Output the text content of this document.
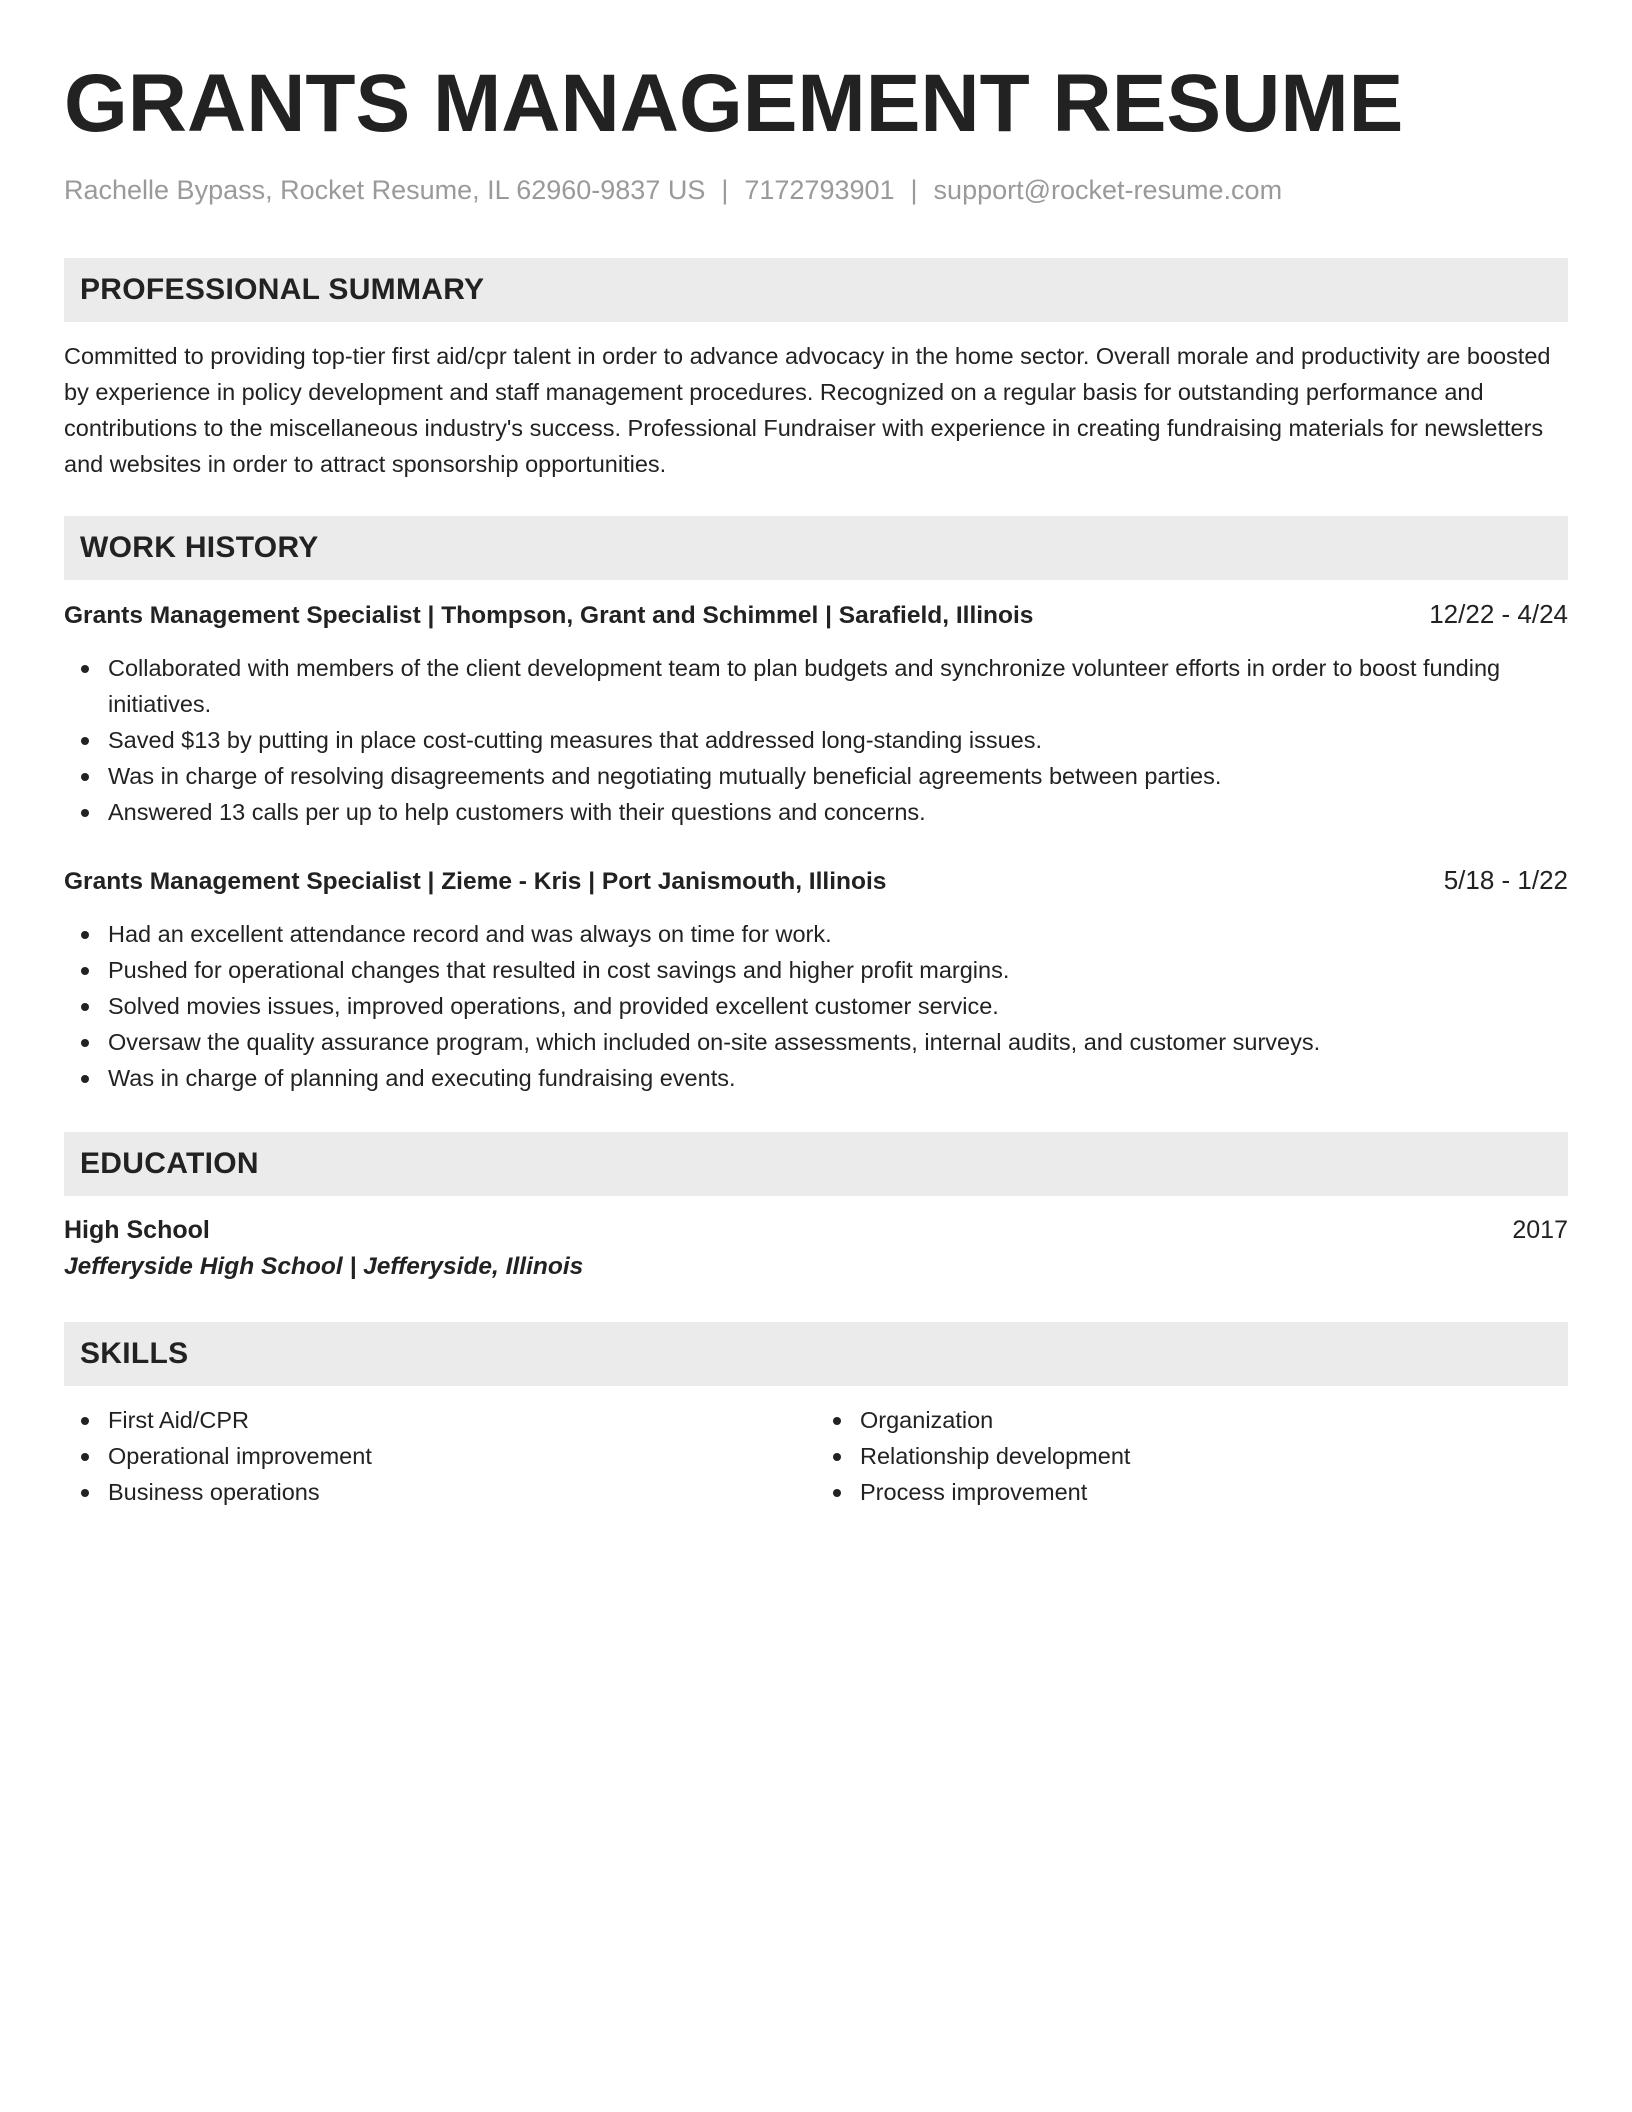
GRANTS MANAGEMENT RESUME
Rachelle Bypass, Rocket Resume, IL 62960-9837 US | 7172793901 | support@rocket-resume.com
PROFESSIONAL SUMMARY
Committed to providing top-tier first aid/cpr talent in order to advance advocacy in the home sector. Overall morale and productivity are boosted by experience in policy development and staff management procedures. Recognized on a regular basis for outstanding performance and contributions to the miscellaneous industry's success. Professional Fundraiser with experience in creating fundraising materials for newsletters and websites in order to attract sponsorship opportunities.
WORK HISTORY
Grants Management Specialist | Thompson, Grant and Schimmel | Sarafield, Illinois	12/22 - 4/24
Collaborated with members of the client development team to plan budgets and synchronize volunteer efforts in order to boost funding initiatives.
Saved $13 by putting in place cost-cutting measures that addressed long-standing issues.
Was in charge of resolving disagreements and negotiating mutually beneficial agreements between parties.
Answered 13 calls per up to help customers with their questions and concerns.
Grants Management Specialist | Zieme - Kris | Port Janismouth, Illinois	5/18 - 1/22
Had an excellent attendance record and was always on time for work.
Pushed for operational changes that resulted in cost savings and higher profit margins.
Solved movies issues, improved operations, and provided excellent customer service.
Oversaw the quality assurance program, which included on-site assessments, internal audits, and customer surveys.
Was in charge of planning and executing fundraising events.
EDUCATION
High School	2017
Jefferyside High School | Jefferyside, Illinois
SKILLS
First Aid/CPR
Operational improvement
Business operations
Organization
Relationship development
Process improvement
